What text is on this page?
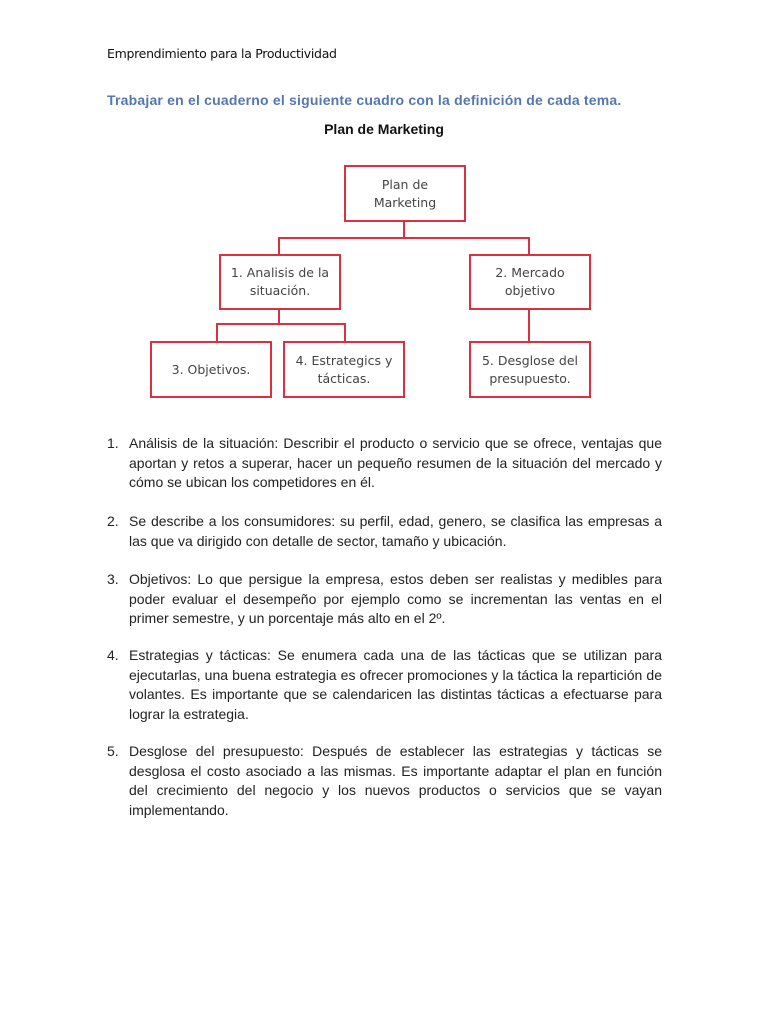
Emprendimiento para la Productividad
Trabajar en el cuaderno el siguiente cuadro con la definición de cada tema.
Plan de Marketing
Plan de Marketing
1. Analisis de la situación.
2. Mercado objetivo
3. Objetivos.
4. Estrategics y tácticas.
5. Desglose del presupuesto.
1. Análisis de la situación: Describir el producto o servicio que se ofrece, ventajas que aportan y retos a superar, hacer un pequeño resumen de la situación del mercado y cómo se ubican los competidores en él.
2. Se describe a los consumidores: su perfil, edad, genero, se clasifica las empresas a las que va dirigido con detalle de sector, tamaño y ubicación.
3. Objetivos: Lo que persigue la empresa, estos deben ser realistas y medibles para poder evaluar el desempeño por ejemplo como se incrementan las ventas en el primer semestre, y un porcentaje más alto en el 2º.
4. Estrategias y tácticas: Se enumera cada una de las tácticas que se utilizan para ejecutarlas, una buena estrategia es ofrecer promociones y la táctica la repartición de volantes. Es importante que se calendaricen las distintas tácticas a efectuarse para lograr la estrategia.
5. Desglose del presupuesto: Después de establecer las estrategias y tácticas se desglosa el costo asociado a las mismas. Es importante adaptar el plan en función del crecimiento del negocio y los nuevos productos o servicios que se vayan implementando.
